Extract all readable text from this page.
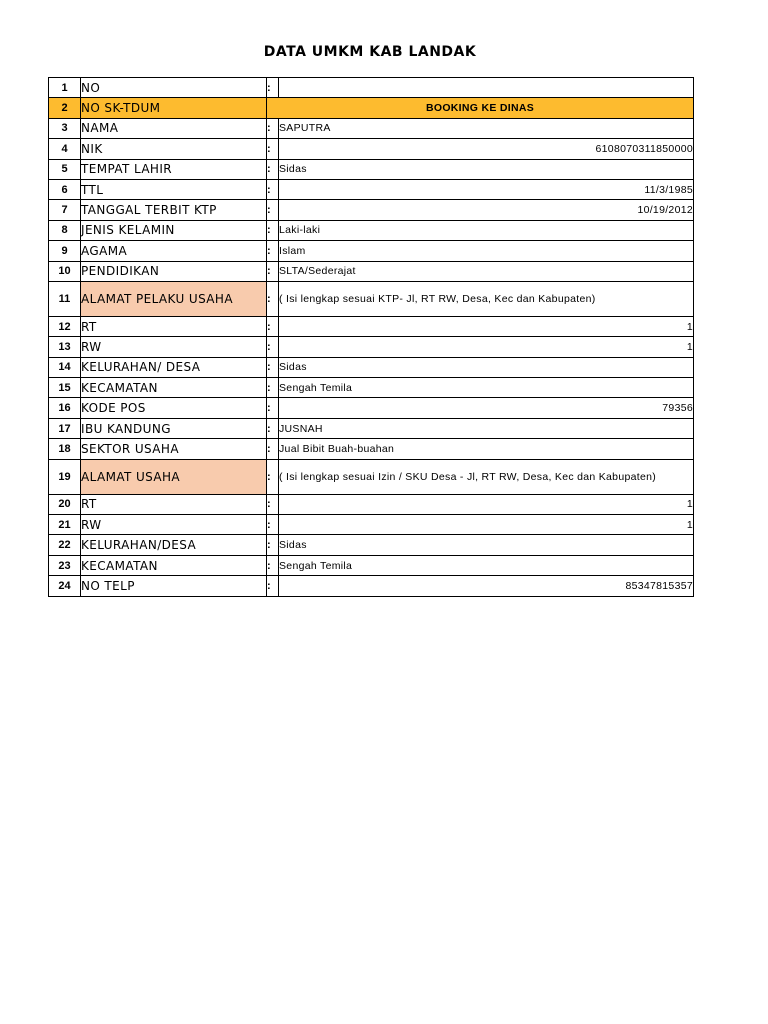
DATA UMKM KAB LANDAK
1	NO	:	
2	NO SK-TDUM	BOOKING KE DINAS	
3	NAMA	:	SAPUTRA
4	NIK	:	6108070311850000
5	TEMPAT LAHIR	:	Sidas
6	TTL	:	11/3/1985
7	TANGGAL TERBIT KTP	:	10/19/2012
8	JENIS KELAMIN	:	Laki-laki
9	AGAMA	:	Islam
10	PENDIDIKAN	:	SLTA/Sederajat
11	ALAMAT PELAKU USAHA	:	( Isi lengkap sesuai KTP- Jl, RT RW, Desa, Kec dan Kabupaten)
12	RT	:	1
13	RW	:	1
14	KELURAHAN/ DESA	:	Sidas
15	KECAMATAN	:	Sengah Temila
16	KODE POS	:	79356
17	IBU KANDUNG	:	JUSNAH
18	SEKTOR USAHA	:	Jual Bibit Buah-buahan
19	ALAMAT USAHA	:	( Isi lengkap sesuai Izin / SKU Desa - Jl, RT RW, Desa, Kec dan Kabupaten)
20	RT	:	1
21	RW	:	1
22	KELURAHAN/DESA	:	Sidas
23	KECAMATAN	:	Sengah Temila
24	NO TELP	:	85347815357
